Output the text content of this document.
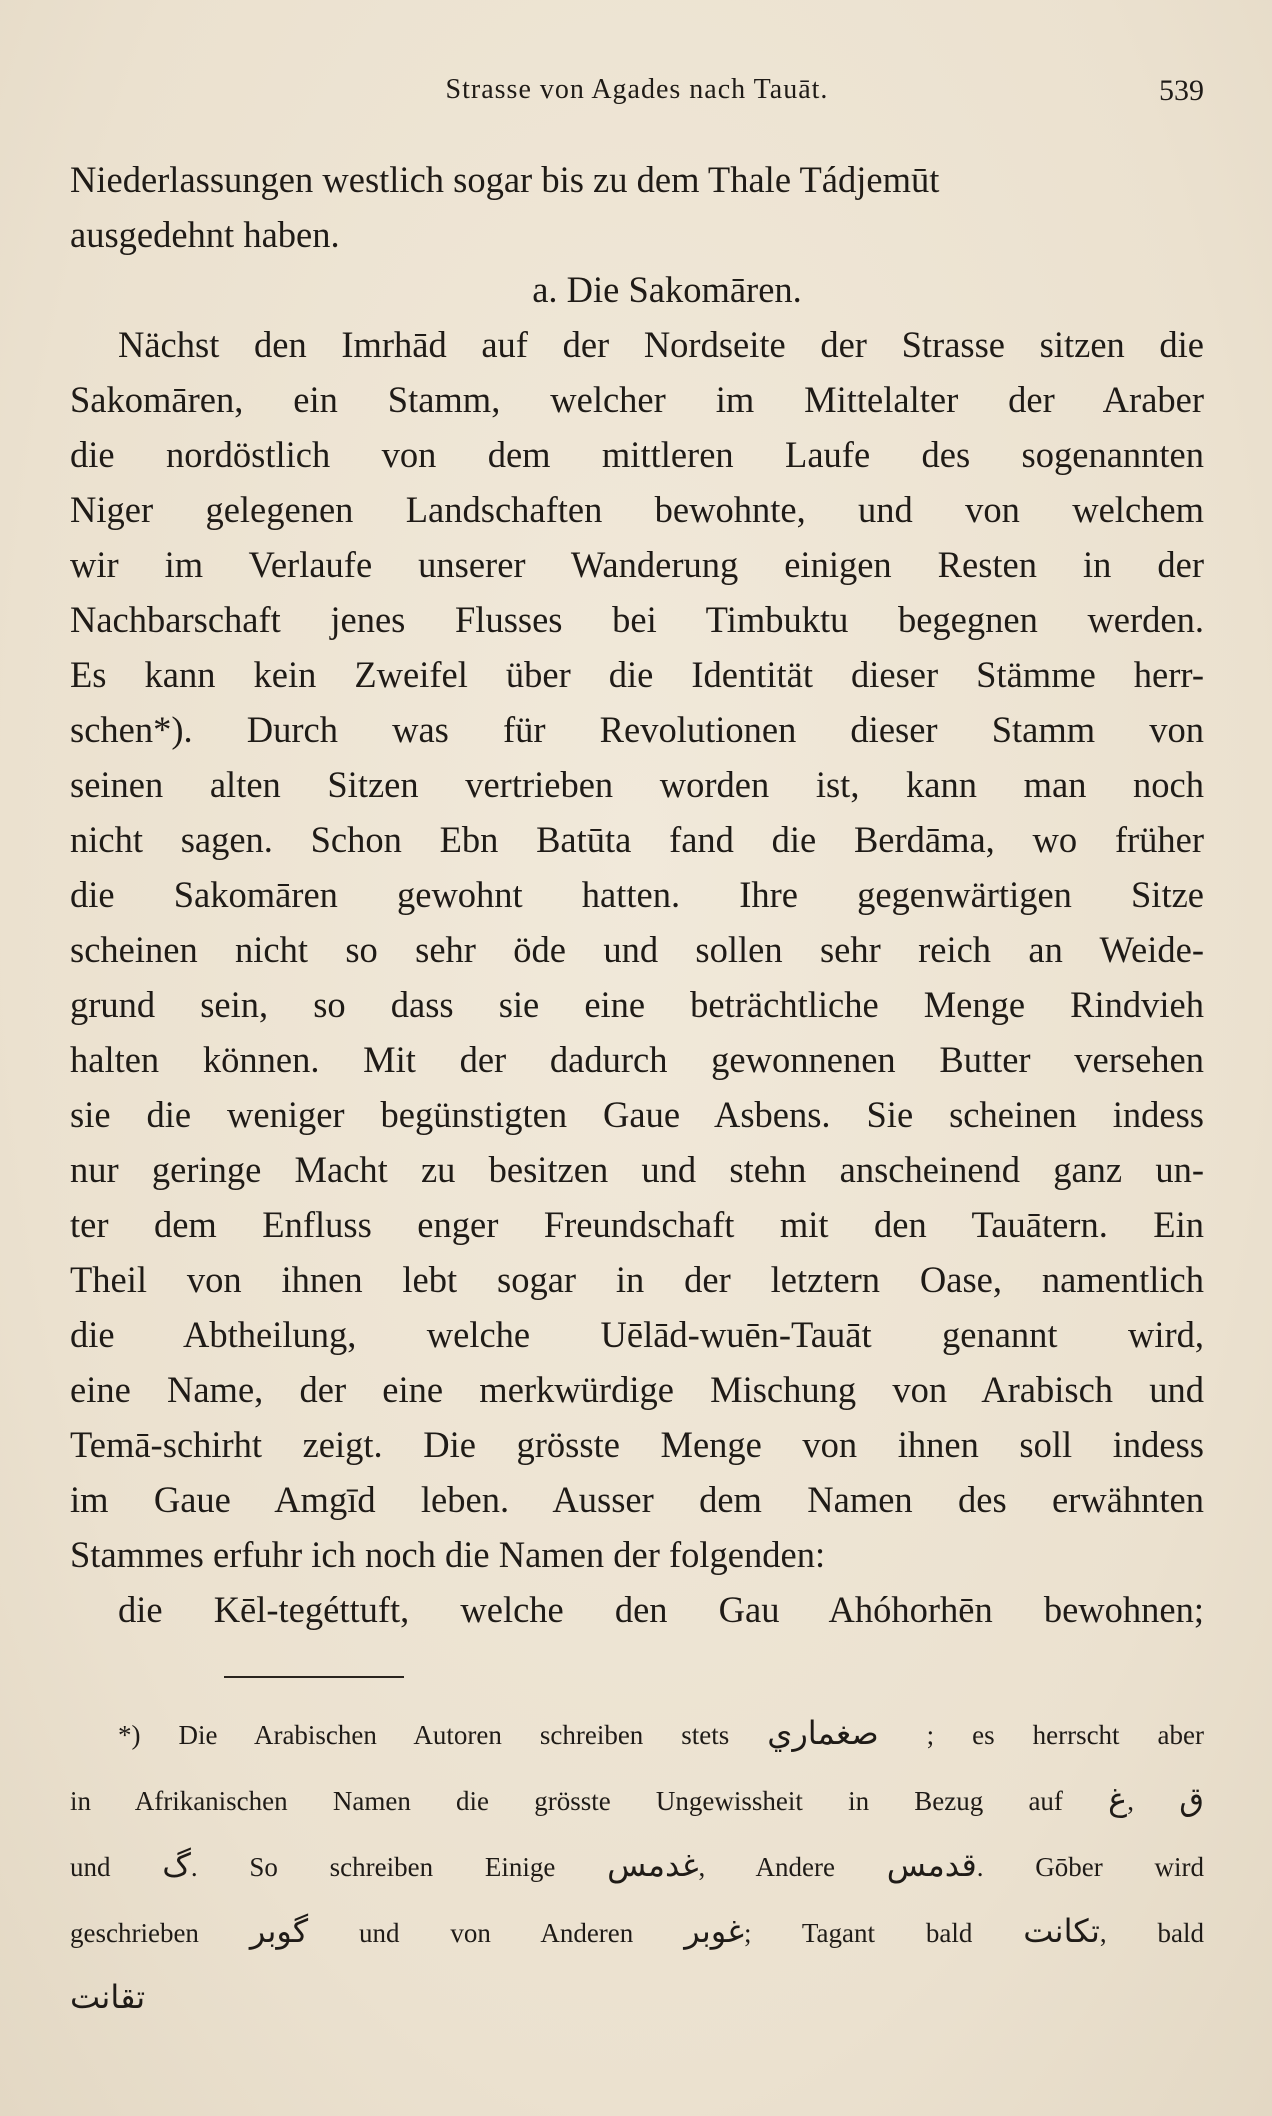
Strasse von Agades nach Tauāt.	539
Niederlassungen westlich sogar bis zu dem Thale Tádjemūt
ausgedehnt haben.
a. Die Sakomāren.
Nächst den Imrhād auf der Nordseite der Strasse sitzen die
Sakomāren, ein Stamm, welcher im Mittelalter der Araber
die nordöstlich von dem mittleren Laufe des sogenannten
Niger gelegenen Landschaften bewohnte, und von welchem
wir im Verlaufe unserer Wanderung einigen Resten in der
Nachbarschaft jenes Flusses bei Timbuktu begegnen werden.
Es kann kein Zweifel über die Identität dieser Stämme herr-
schen*). Durch was für Revolutionen dieser Stamm von
seinen alten Sitzen vertrieben worden ist, kann man noch
nicht sagen. Schon Ebn Batūta fand die Berdāma, wo früher
die Sakomāren gewohnt hatten. Ihre gegenwärtigen Sitze
scheinen nicht so sehr öde und sollen sehr reich an Weide-
grund sein, so dass sie eine beträchtliche Menge Rindvieh
halten können. Mit der dadurch gewonnenen Butter versehen
sie die weniger begünstigten Gaue Asbens. Sie scheinen indess
nur geringe Macht zu besitzen und stehn anscheinend ganz un-
ter dem Enfluss enger Freundschaft mit den Tauātern. Ein
Theil von ihnen lebt sogar in der letztern Oase, namentlich
die Abtheilung, welche Uēlād-wuēn-Tauāt genannt wird,
eine Name, der eine merkwürdige Mischung von Arabisch und
Temā-schirht zeigt. Die grösste Menge von ihnen soll indess
im Gaue Amgīd leben. Ausser dem Namen des erwähnten
Stammes erfuhr ich noch die Namen der folgenden:
die Kēl-tegéttuft, welche den Gau Ahóhorhēn bewohnen;
*) Die Arabischen Autoren schreiben stets صغماري ; es herrscht aber
in Afrikanischen Namen die grösste Ungewissheit in Bezug auf غ, ق
und گ. So schreiben Einige غدمس, Andere قدمس. Gōber wird
geschrieben گوبر und von Anderen غوبر; Tagant bald تكانت, bald
تقانت
